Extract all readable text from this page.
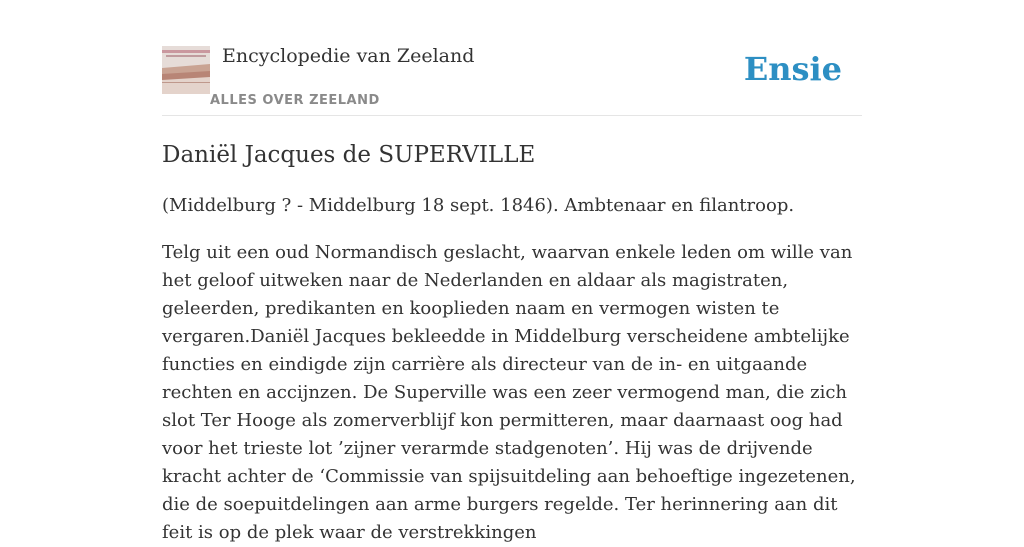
Encyclopedie van Zeeland
ALLES OVER ZEELAND
Ensie
Daniël Jacques de SUPERVILLE

(Middelburg ? - Middelburg 18 sept. 1846). Ambtenaar en filantroop.

Telg uit een oud Normandisch geslacht, waarvan enkele leden om wille van het geloof uitweken naar de Nederlanden en aldaar als magistraten, geleerden, predikanten en kooplieden naam en vermogen wisten te vergaren.Daniël Jacques bekleedde in Middelburg verscheidene ambtelijke functies en eindigde zijn carrière als directeur van de in- en uitgaande rechten en accijnzen. De Superville was een zeer vermogend man, die zich slot Ter Hooge als zomerverblijf kon permitteren, maar daarnaast oog had voor het trieste lot ’zijner verarmde stadgenoten’. Hij was de drijvende kracht achter de ‘Commissie van spijsuitdeling aan behoeftige ingezetenen, die de soepuitdelingen aan arme burgers regelde. Ter herinnering aan dit feit is op de plek waar de verstrekkingen
